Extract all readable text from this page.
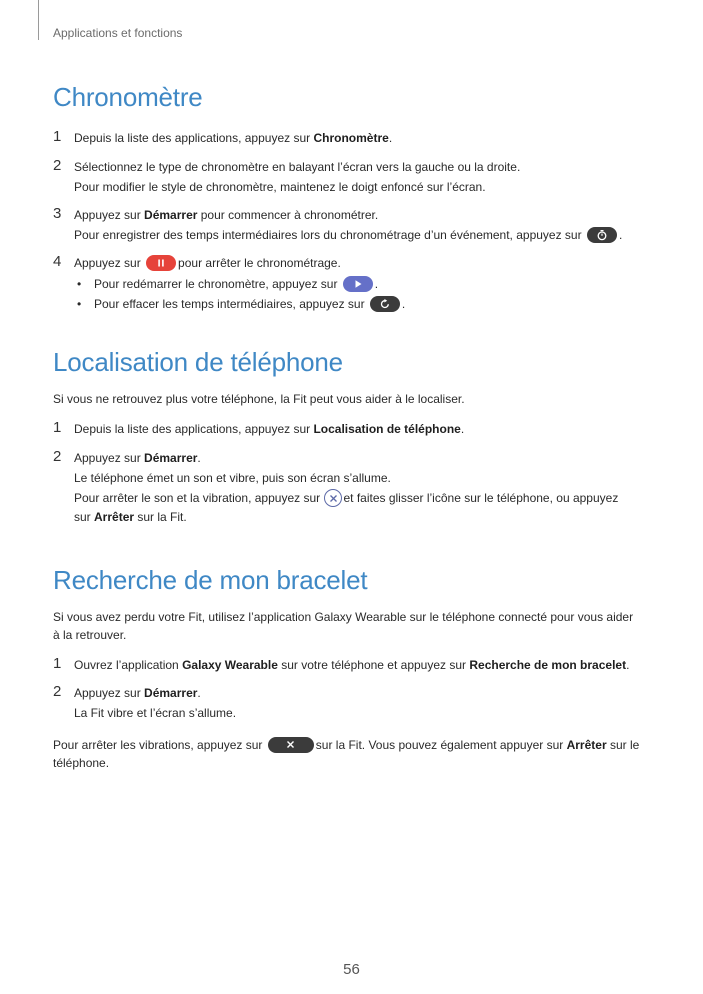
Applications et fonctions
Chronomètre
1 Depuis la liste des applications, appuyez sur Chronomètre.
2 Sélectionnez le type de chronomètre en balayant l’écran vers la gauche ou la droite.
Pour modifier le style de chronomètre, maintenez le doigt enfoncé sur l’écran.
3 Appuyez sur Démarrer pour commencer à chronométrer.
Pour enregistrer des temps intermédiaires lors du chronométrage d’un événement, appuyez sur	.
4 Appuyez sur	pour arrêter le chronométrage.
• Pour redémarrer le chronomètre, appuyez sur	.
• Pour effacer les temps intermédiaires, appuyez sur	.
Localisation de téléphone
Si vous ne retrouvez plus votre téléphone, la Fit peut vous aider à le localiser.
1 Depuis la liste des applications, appuyez sur Localisation de téléphone.
2 Appuyez sur Démarrer.
Le téléphone émet un son et vibre, puis son écran s’allume.
Pour arrêter le son et la vibration, appuyez sur et faites glisser l’icône sur le téléphone, ou appuyez
sur Arrêter sur la Fit.
Recherche de mon bracelet
Si vous avez perdu votre Fit, utilisez l’application Galaxy Wearable sur le téléphone connecté pour vous aider
à la retrouver.
1 Ouvrez l’application Galaxy Wearable sur votre téléphone et appuyez sur Recherche de mon bracelet.
2 Appuyez sur Démarrer.
La Fit vibre et l’écran s’allume.
Pour arrêter les vibrations, appuyez sur	sur la Fit. Vous pouvez également appuyer sur Arrêter sur le
téléphone.
56
